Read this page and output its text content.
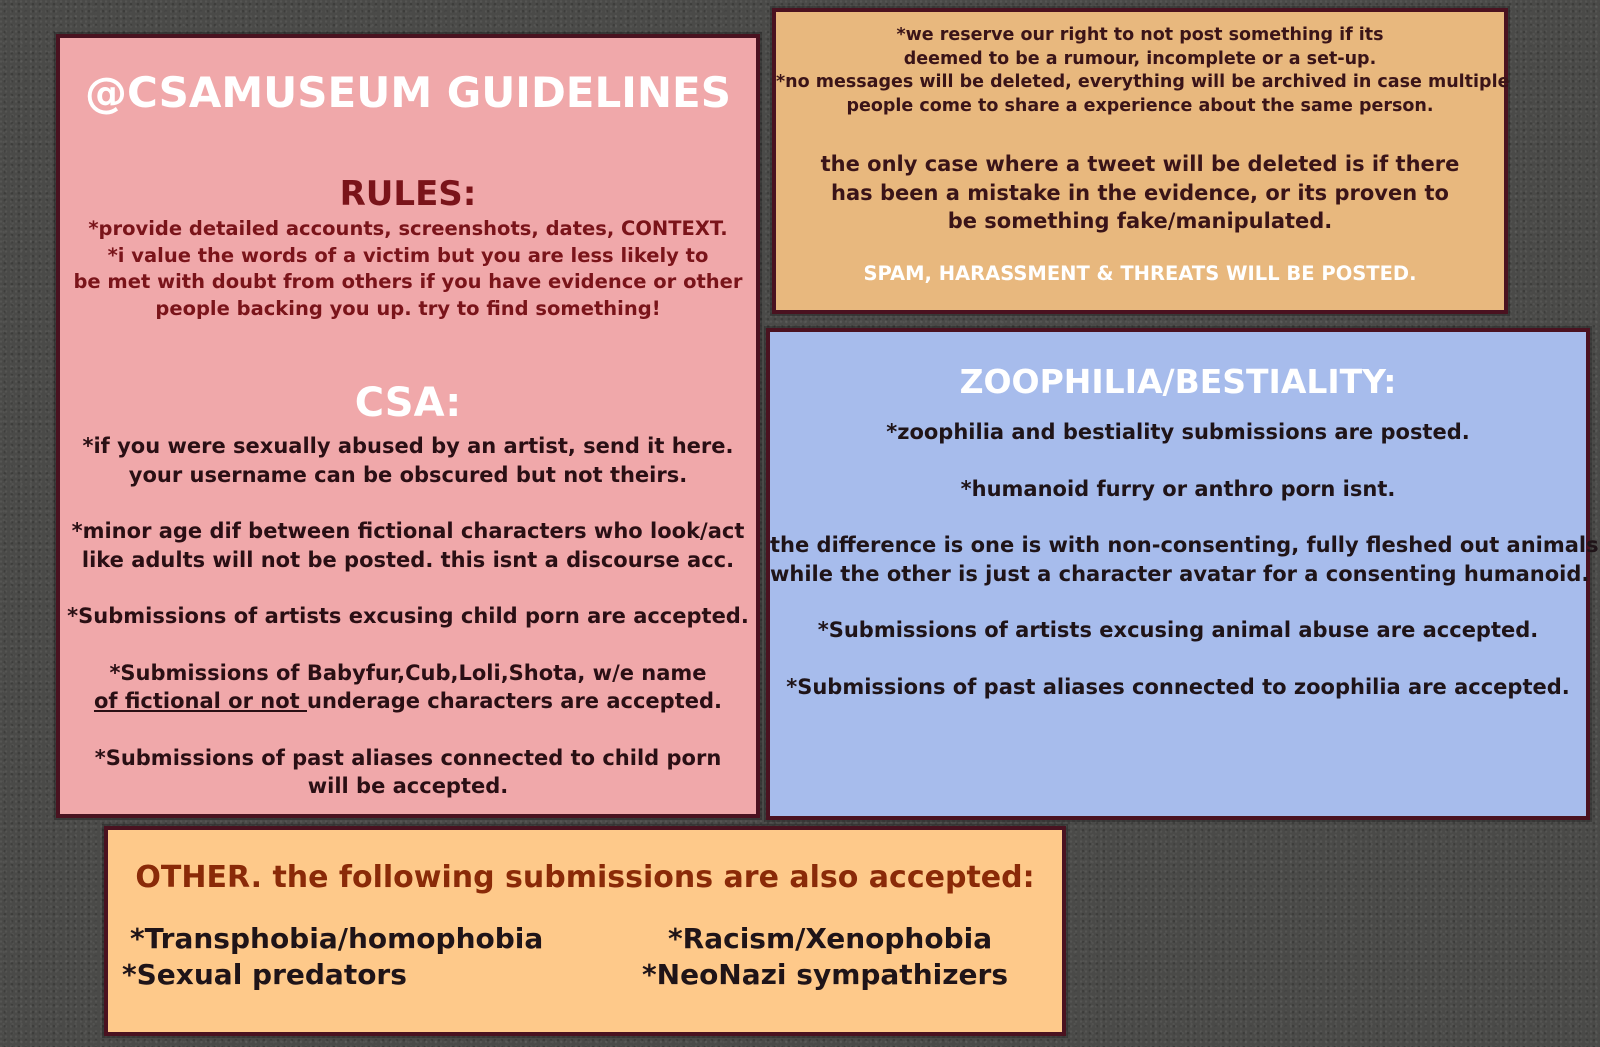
@CSAMUSEUM GUIDELINES
RULES:
*provide detailed accounts, screenshots, dates, CONTEXT.
*i value the words of a victim but you are less likely to
be met with doubt from others if you have evidence or other
people backing you up. try to find something!
CSA:
*if you were sexually abused by an artist, send it here.
your username can be obscured but not theirs.
*minor age dif between fictional characters who look/act
like adults will not be posted. this isnt a discourse acc.
*Submissions of artists excusing child porn are accepted.
*Submissions of Babyfur,Cub,Loli,Shota, w/e name
of fictional or not underage characters are accepted.
*Submissions of past aliases connected to child porn
will be accepted.
*we reserve our right to not post something if its
deemed to be a rumour, incomplete or a set-up.
*no messages will be deleted, everything will be archived in case multiple
people come to share a experience about the same person.
the only case where a tweet will be deleted is if there
has been a mistake in the evidence, or its proven to
be something fake/manipulated.
SPAM, HARASSMENT & THREATS WILL BE POSTED.
ZOOPHILIA/BESTIALITY:
*zoophilia and bestiality submissions are posted.
*humanoid furry or anthro porn isnt.
the difference is one is with non-consenting, fully fleshed out animals
while the other is just a character avatar for a consenting humanoid.
*Submissions of artists excusing animal abuse are accepted.
*Submissions of past aliases connected to zoophilia are accepted.
OTHER. the following submissions are also accepted:
*Transphobia/homophobia	*Racism/Xenophobia
*Sexual predators	*NeoNazi sympathizers
